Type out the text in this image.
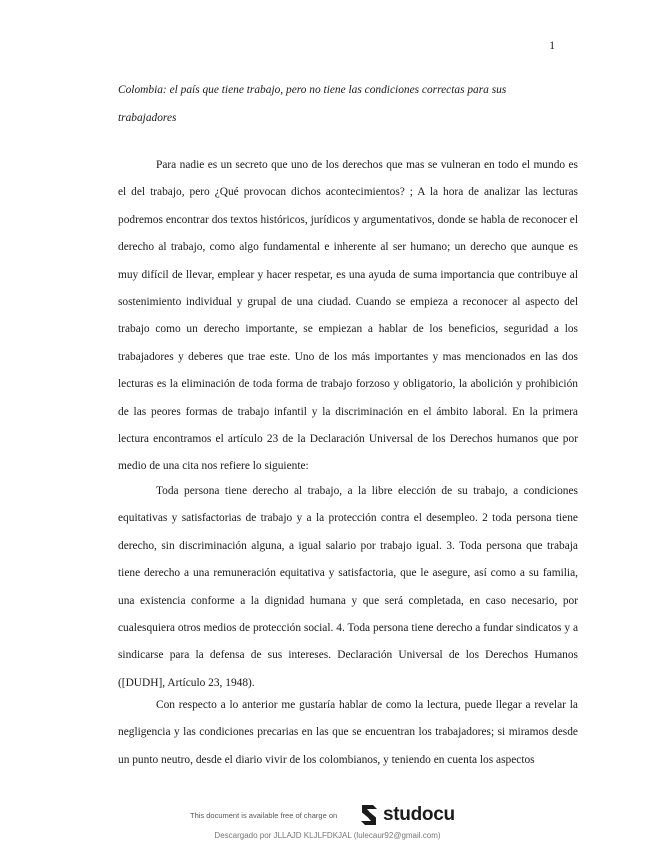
1

Colombia: el país que tiene trabajo, pero no tiene las condiciones correctas para sus trabajadores

Para nadie es un secreto que uno de los derechos que mas se vulneran en todo el mundo es el del trabajo, pero ¿Qué provocan dichos acontecimientos? ; A la hora de analizar las lecturas podremos encontrar dos textos históricos, jurídicos y argumentativos, donde se habla de reconocer el derecho al trabajo, como algo fundamental e inherente al ser humano; un derecho que aunque es muy difícil de llevar, emplear y hacer respetar, es una ayuda de suma importancia que contribuye al sostenimiento individual y grupal de una ciudad. Cuando se empieza a reconocer al aspecto del trabajo como un derecho importante, se empiezan a hablar de los beneficios, seguridad a los trabajadores y deberes que trae este. Uno de los más importantes y mas mencionados en las dos lecturas es la eliminación de toda forma de trabajo forzoso y obligatorio, la abolición y prohibición de las peores formas de trabajo infantil y la discriminación en el ámbito laboral. En la primera lectura encontramos el artículo 23 de la Declaración Universal de los Derechos humanos que por medio de una cita nos refiere lo siguiente:

Toda persona tiene derecho al trabajo, a la libre elección de su trabajo, a condiciones equitativas y satisfactorias de trabajo y a la protección contra el desempleo. 2 toda persona tiene derecho, sin discriminación alguna, a igual salario por trabajo igual. 3. Toda persona que trabaja tiene derecho a una remuneración equitativa y satisfactoria, que le asegure, así como a su familia, una existencia conforme a la dignidad humana y que será completada, en caso necesario, por cualesquiera otros medios de protección social. 4. Toda persona tiene derecho a fundar sindicatos y a sindicarse para la defensa de sus intereses. Declaración Universal de los Derechos Humanos ([DUDH], Artículo 23, 1948).

Con respecto a lo anterior me gustaría hablar de como la lectura, puede llegar a revelar la negligencia y las condiciones precarias en las que se encuentran los trabajadores; si miramos desde un punto neutro, desde el diario vivir de los colombianos, y teniendo en cuenta los aspectos

This document is available free of charge on studocu
Descargado por JLLAJD KLJLFDKJAL (lulecaur92@gmail.com)
